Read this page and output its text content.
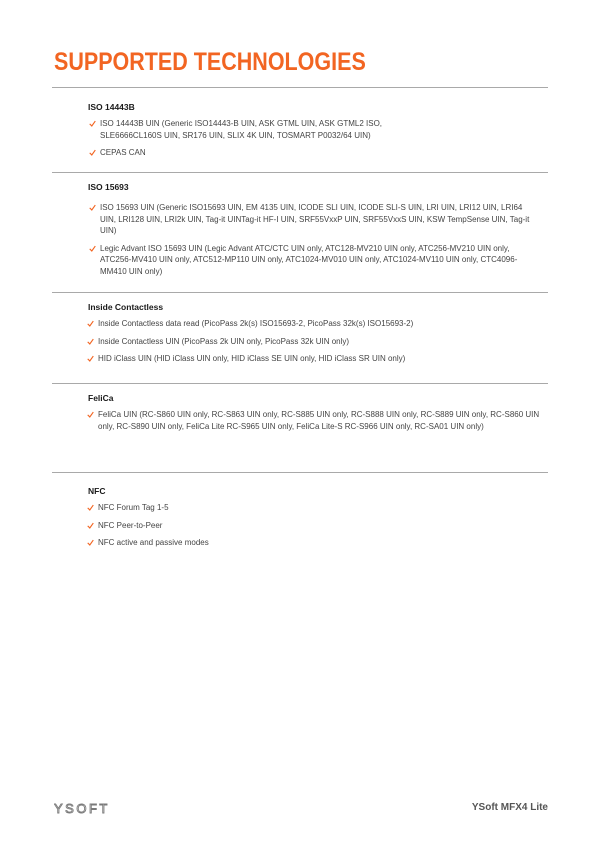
SUPPORTED TECHNOLOGIES
ISO 14443B
ISO 14443B UIN (Generic ISO14443-B UIN, ASK GTML UIN, ASK GTML2 ISO, SLE6666CL160S UIN, SR176 UIN, SLIX 4K UIN, TOSMART P0032/64 UIN)
CEPAS CAN
ISO 15693
ISO 15693 UIN (Generic ISO15693 UIN, EM 4135 UIN, ICODE SLI UIN, ICODE SLI-S UIN, LRI UIN, LRI12 UIN, LRI64 UIN, LRI128 UIN, LRI2k UIN, Tag-it UINTag-it HF-I UIN, SRF55VxxP UIN, SRF55VxxS UIN, KSW TempSense UIN, Tag-it UIN)
Legic Advant ISO 15693 UIN (Legic Advant ATC/CTC UIN only, ATC128-MV210 UIN only, ATC256-MV210 UIN only, ATC256-MV410 UIN only, ATC512-MP110 UIN only, ATC1024-MV010 UIN only, ATC1024-MV110 UIN only, CTC4096-MM410 UIN only)
Inside Contactless
Inside Contactless data read (PicoPass 2k(s) ISO15693-2, PicoPass 32k(s) ISO15693-2)
Inside Contactless UIN (PicoPass 2k UIN only, PicoPass 32k UIN only)
HID iClass UIN (HID iClass UIN only, HID iClass SE UIN only, HID iClass SR UIN only)
FeliCa
FeliCa UIN (RC-S860 UIN only, RC-S863 UIN only, RC-S885 UIN only, RC-S888 UIN only, RC-S889 UIN only, RC-S860 UIN only, RC-S890 UIN only, FeliCa Lite RC-S965 UIN only, FeliCa Lite-S RC-S966 UIN only, RC-SA01 UIN only)
NFC
NFC Forum Tag 1-5
NFC Peer-to-Peer
NFC active and passive modes
YSOFT	YSoft MFX4 Lite
